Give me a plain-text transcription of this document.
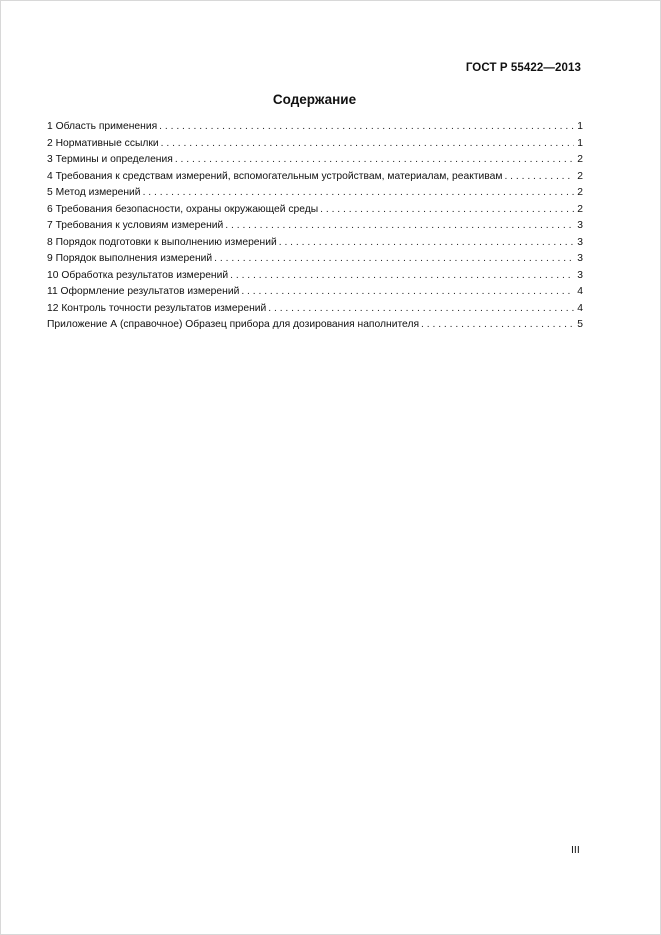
ГОСТ Р 55422—2013
Содержание
1 Область применения . . .	1
2 Нормативные ссылки . . .	1
3 Термины и определения . . .	2
4 Требования к средствам измерений, вспомогательным устройствам, материалам, реактивам . . .	2
5 Метод измерений . . .	2
6 Требования безопасности, охраны окружающей среды . . .	2
7 Требования к условиям измерений . . .	3
8 Порядок подготовки к выполнению измерений . . .	3
9 Порядок выполнения измерений . . .	3
10 Обработка результатов измерений . . .	3
11 Оформление результатов измерений . . .	4
12 Контроль точности результатов измерений . . .	4
Приложение А (справочное) Образец прибора для дозирования наполнителя . . .	5
III
